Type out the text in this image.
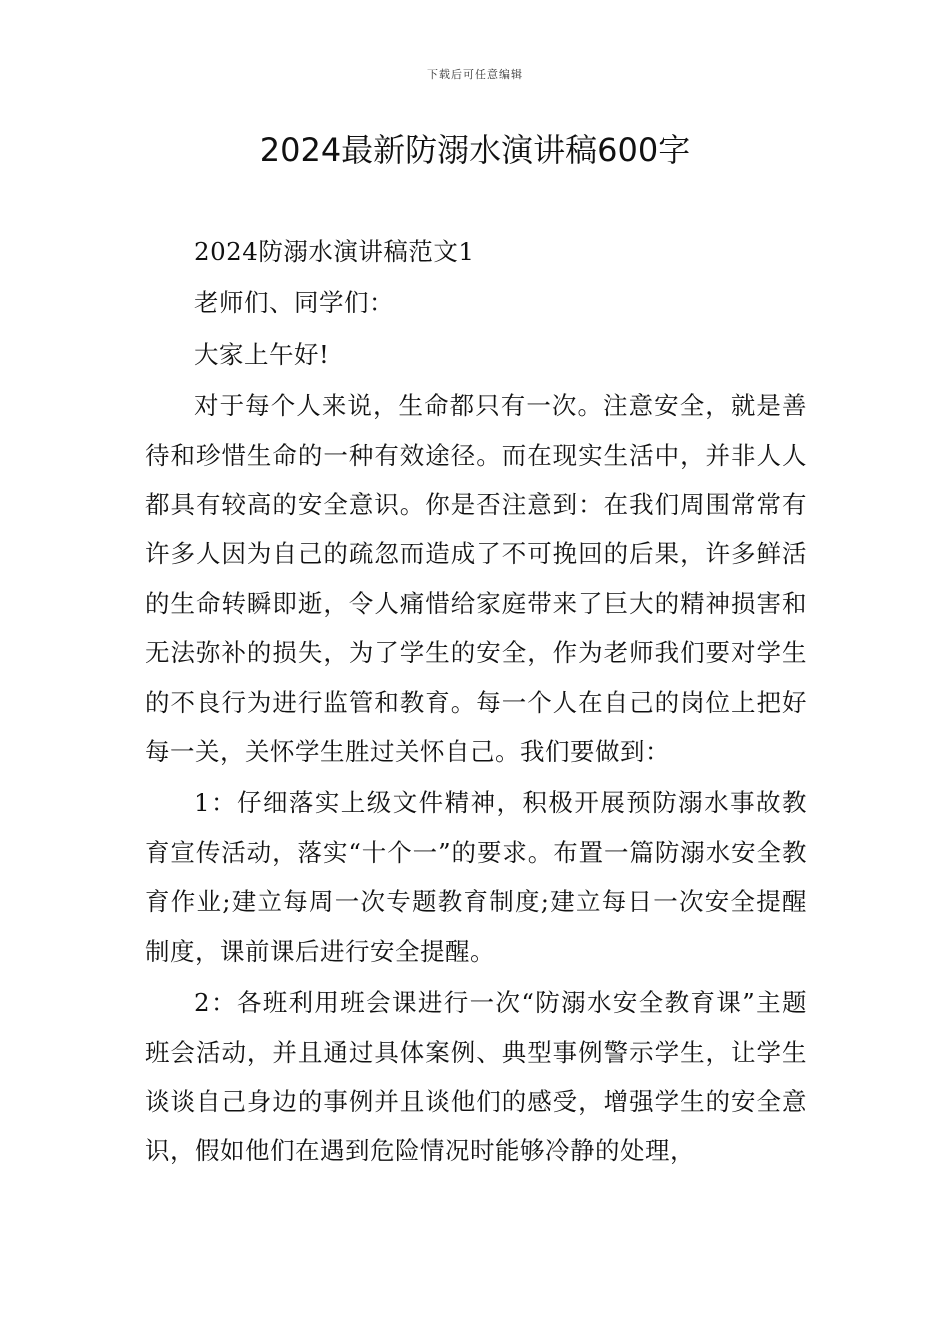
下载后可任意编辑
2024最新防溺水演讲稿600字

2024防溺水演讲稿范文1

老师们、同学们：

大家上午好!

对于每个人来说，生命都只有一次。注意安全，就是善待和珍惜生命的一种有效途径。而在现实生活中，并非人人都具有较高的安全意识。你是否注意到：在我们周围常常有许多人因为自己的疏忽而造成了不可挽回的后果，许多鲜活的生命转瞬即逝，令人痛惜给家庭带来了巨大的精神损害和无法弥补的损失，为了学生的安全，作为老师我们要对学生的不良行为进行监管和教育。每一个人在自己的岗位上把好每一关，关怀学生胜过关怀自己。我们要做到：

1：仔细落实上级文件精神，积极开展预防溺水事故教育宣传活动，落实“十个一”的要求。布置一篇防溺水安全教育作业;建立每周一次专题教育制度;建立每日一次安全提醒制度，课前课后进行安全提醒。

2：各班利用班会课进行一次“防溺水安全教育课”主题班会活动，并且通过具体案例、典型事例警示学生，让学生谈谈自己身边的事例并且谈他们的感受，增强学生的安全意识，假如他们在遇到危险情况时能够冷静的处理，
